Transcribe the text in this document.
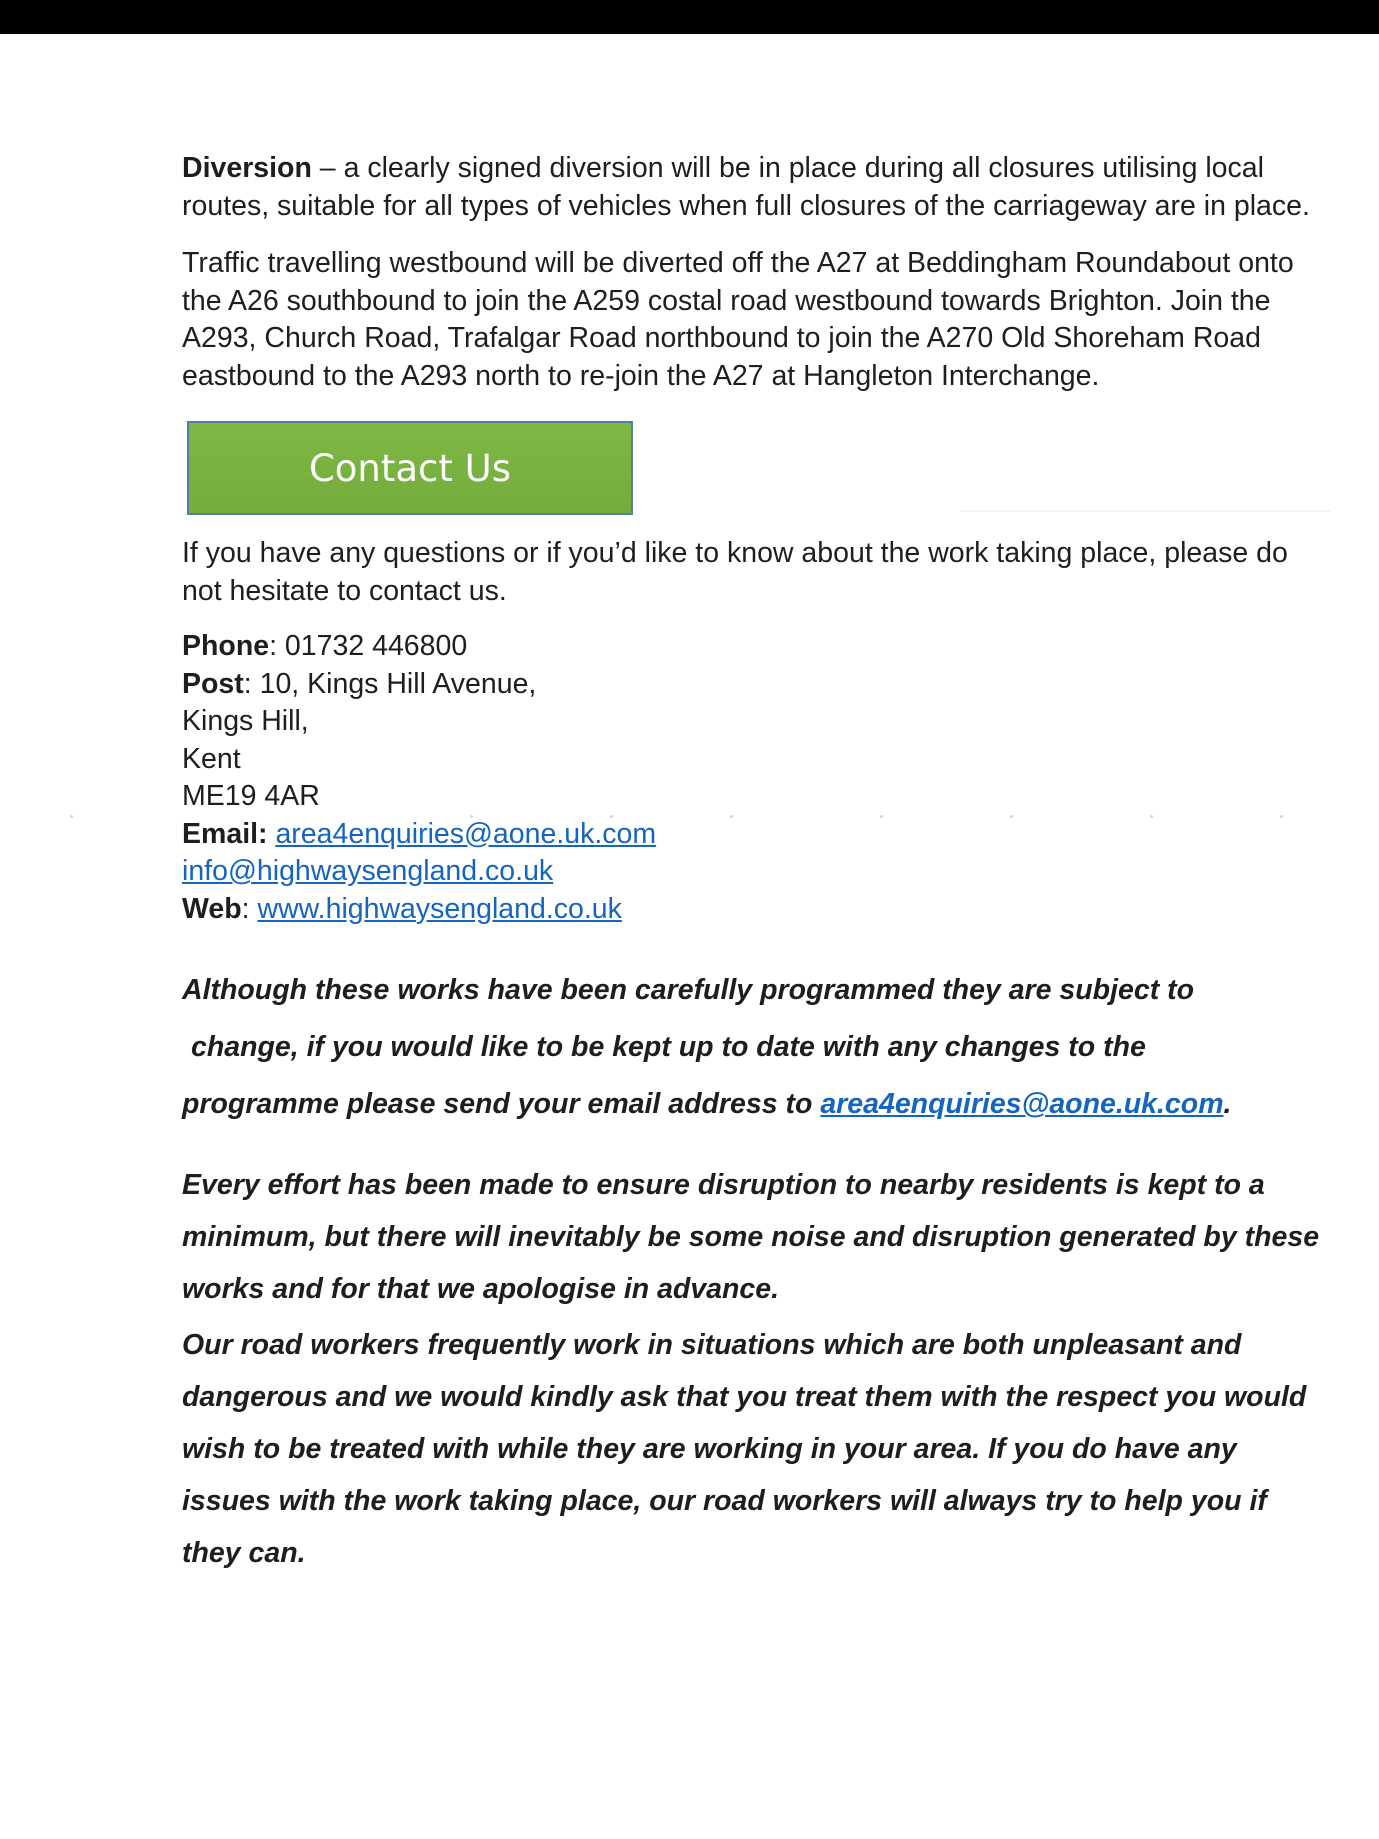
Diversion – a clearly signed diversion will be in place during all closures utilising local routes, suitable for all types of vehicles when full closures of the carriageway are in place.

Traffic travelling westbound will be diverted off the A27 at Beddingham Roundabout onto the A26 southbound to join the A259 costal road westbound towards Brighton. Join the A293, Church Road, Trafalgar Road northbound to join the A270 Old Shoreham Road eastbound to the A293 north to re-join the A27 at Hangleton Interchange.

Contact Us

If you have any questions or if you’d like to know about the work taking place, please do not hesitate to contact us.

Phone: 01732 446800

Post: 10, Kings Hill Avenue,

Kings Hill,

Kent

ME19 4AR

Email: area4enquiries@aone.uk.com

info@highwaysengland.co.uk

Web: www.highwaysengland.co.uk

Although these works have been carefully programmed they are subject to
change, if you would like to be kept up to date with any changes to the
programme please send your email address to area4enquiries@aone.uk.com.

Every effort has been made to ensure disruption to nearby residents is kept to a minimum, but there will inevitably be some noise and disruption generated by these works and for that we apologise in advance.

Our road workers frequently work in situations which are both unpleasant and dangerous and we would kindly ask that you treat them with the respect you would wish to be treated with while they are working in your area. If you do have any issues with the work taking place, our road workers will always try to help you if they can.
